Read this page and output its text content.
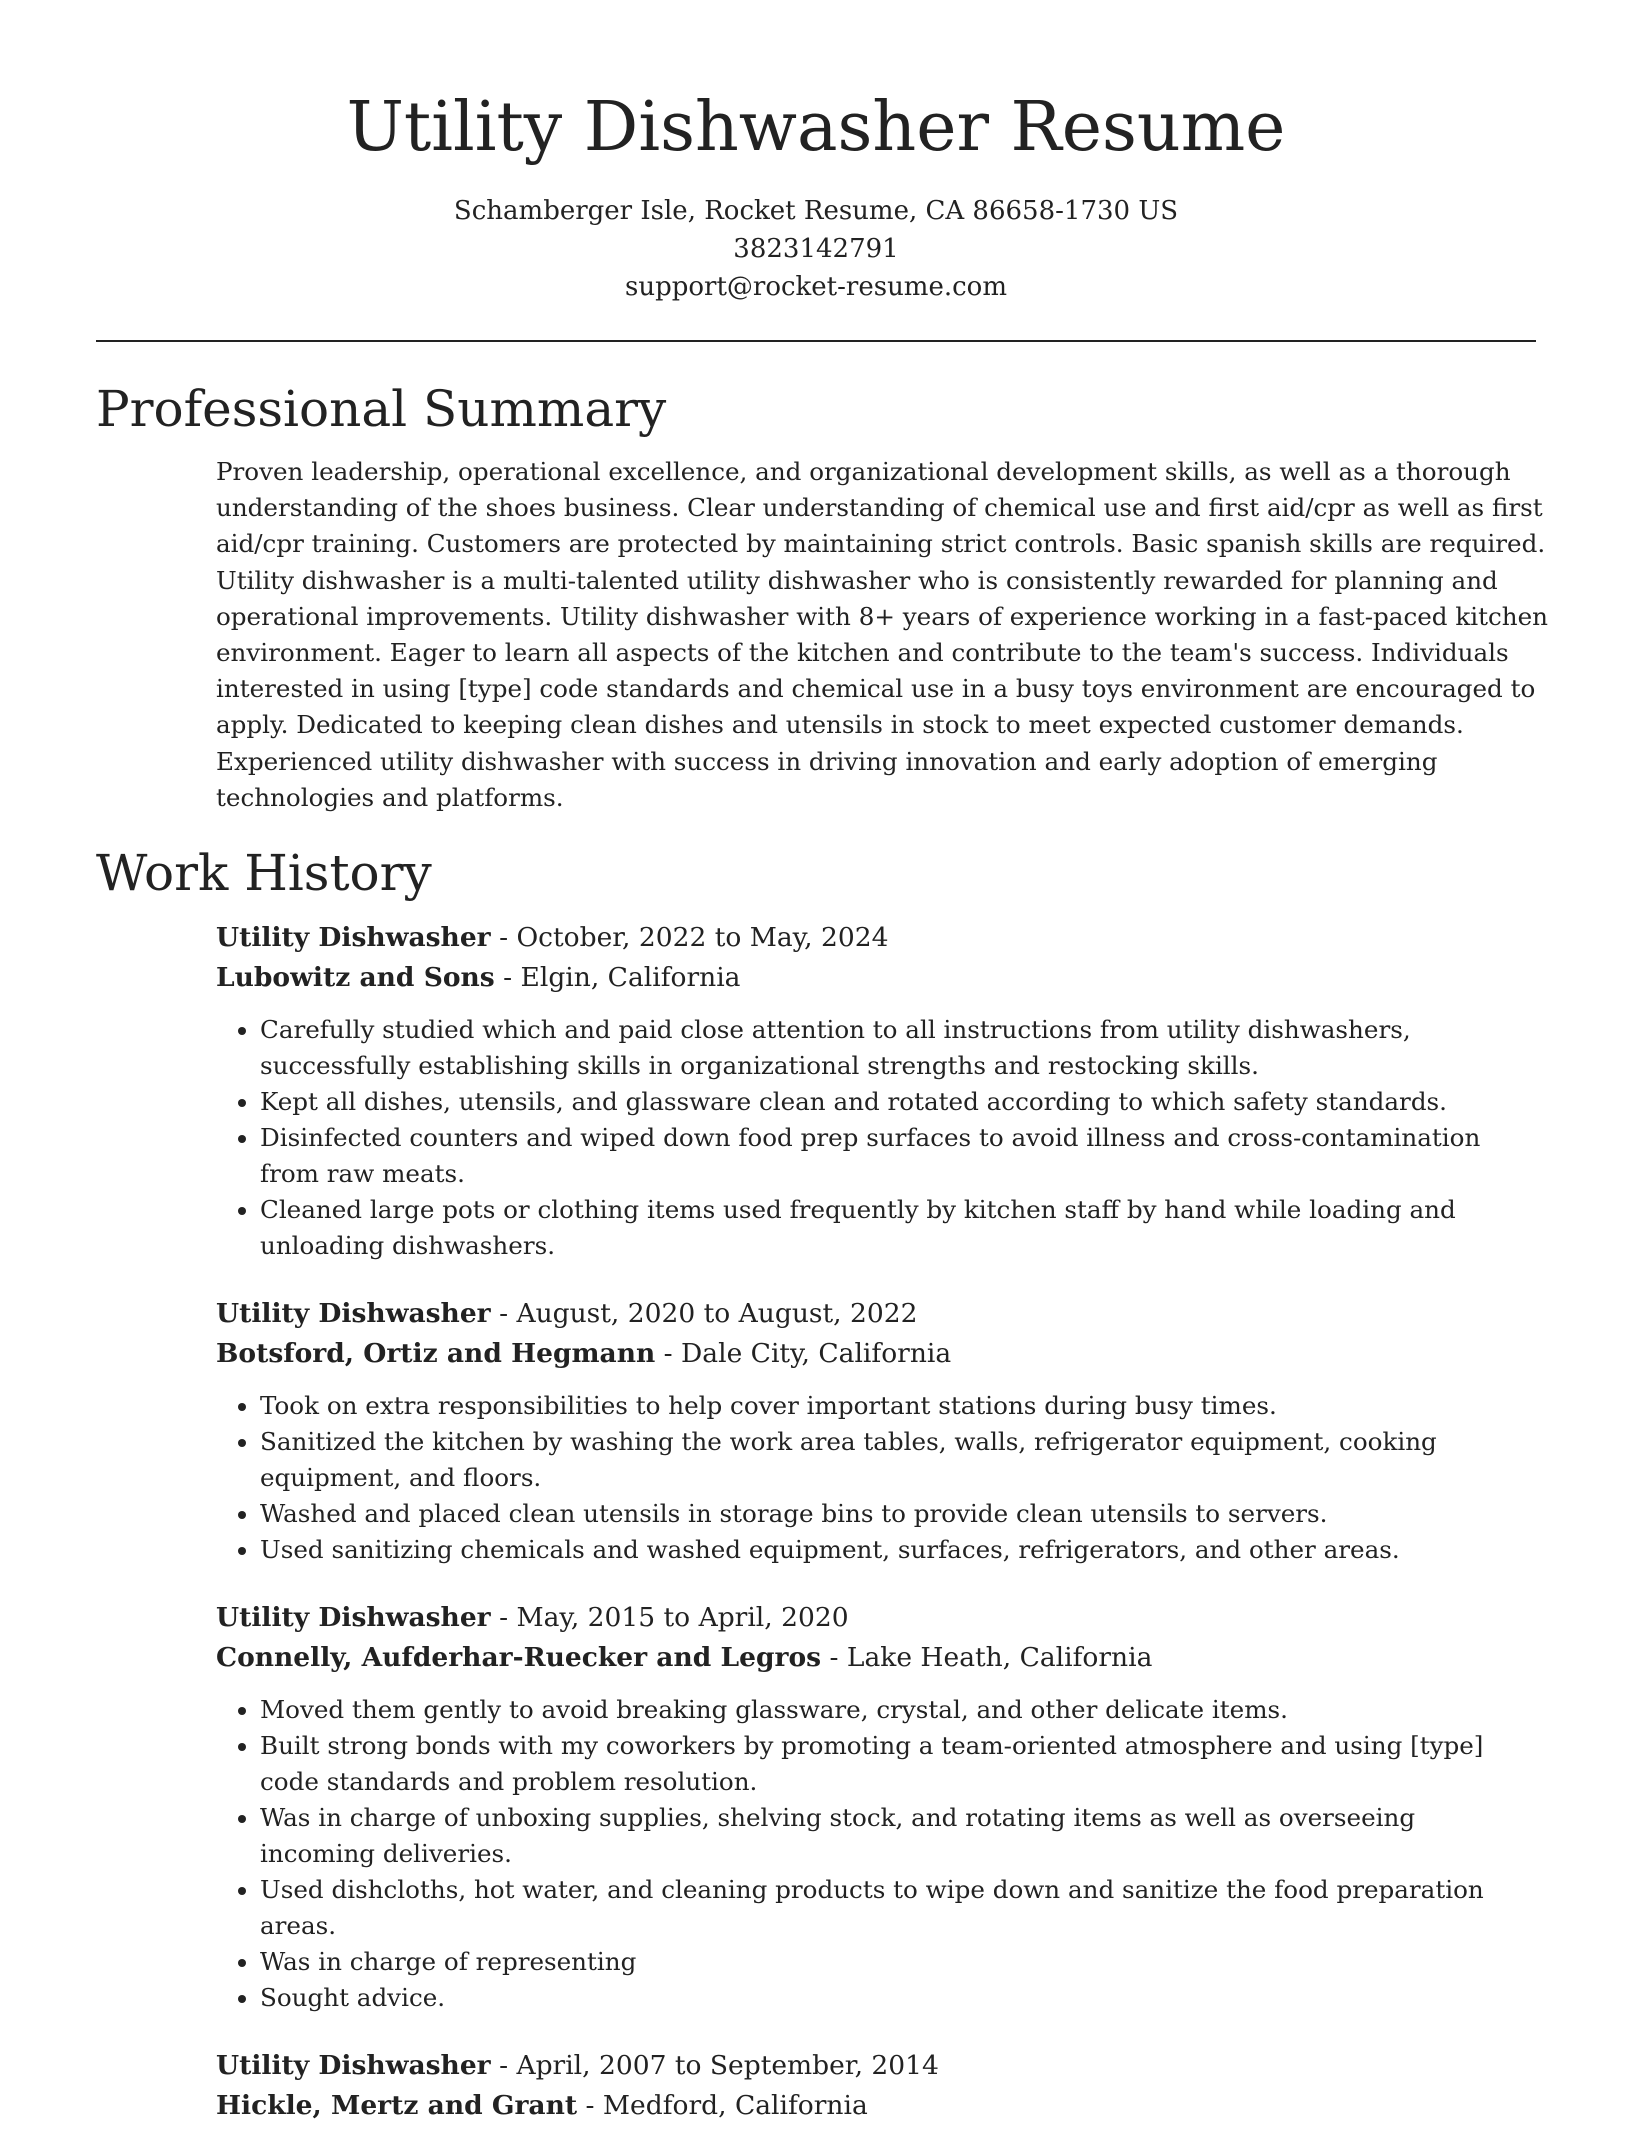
Utility Dishwasher Resume
Schamberger Isle, Rocket Resume, CA 86658-1730 US
3823142791
support@rocket-resume.com
Professional Summary

Proven leadership, operational excellence, and organizational development skills, as well as a thorough understanding of the shoes business. Clear understanding of chemical use and first aid/cpr as well as first aid/cpr training. Customers are protected by maintaining strict controls. Basic spanish skills are required. Utility dishwasher is a multi-talented utility dishwasher who is consistently rewarded for planning and operational improvements. Utility dishwasher with 8+ years of experience working in a fast-paced kitchen environment. Eager to learn all aspects of the kitchen and contribute to the team's success. Individuals interested in using [type] code standards and chemical use in a busy toys environment are encouraged to apply. Dedicated to keeping clean dishes and utensils in stock to meet expected customer demands. Experienced utility dishwasher with success in driving innovation and early adoption of emerging technologies and platforms.

Work History
Utility Dishwasher - October, 2022 to May, 2024
Lubowitz and Sons - Elgin, California
• Carefully studied which and paid close attention to all instructions from utility dishwashers, successfully establishing skills in organizational strengths and restocking skills.
• Kept all dishes, utensils, and glassware clean and rotated according to which safety standards.
• Disinfected counters and wiped down food prep surfaces to avoid illness and cross-contamination from raw meats.
• Cleaned large pots or clothing items used frequently by kitchen staff by hand while loading and unloading dishwashers.
Utility Dishwasher - August, 2020 to August, 2022
Botsford, Ortiz and Hegmann - Dale City, California
• Took on extra responsibilities to help cover important stations during busy times.
• Sanitized the kitchen by washing the work area tables, walls, refrigerator equipment, cooking equipment, and floors.
• Washed and placed clean utensils in storage bins to provide clean utensils to servers.
• Used sanitizing chemicals and washed equipment, surfaces, refrigerators, and other areas.
Utility Dishwasher - May, 2015 to April, 2020
Connelly, Aufderhar-Ruecker and Legros - Lake Heath, California
• Moved them gently to avoid breaking glassware, crystal, and other delicate items.
• Built strong bonds with my coworkers by promoting a team-oriented atmosphere and using [type] code standards and problem resolution.
• Was in charge of unboxing supplies, shelving stock, and rotating items as well as overseeing incoming deliveries.
• Used dishcloths, hot water, and cleaning products to wipe down and sanitize the food preparation areas.
• Was in charge of representing
• Sought advice.
Utility Dishwasher - April, 2007 to September, 2014
Hickle, Mertz and Grant - Medford, California
